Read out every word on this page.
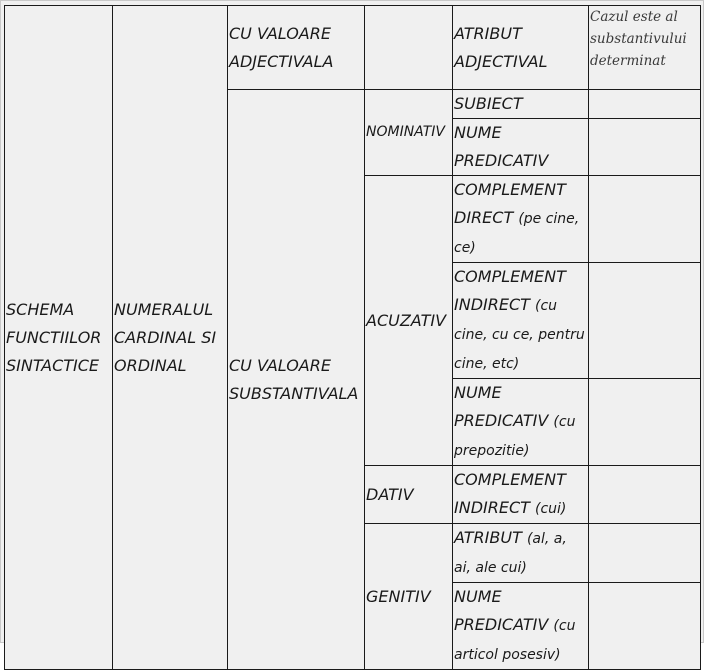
SCHEMA FUNCTIILOR SINTACTICE	NUMERALUL CARDINAL SI ORDINAL	CU VALOARE ADJECTIVALA		ATRIBUT ADJECTIVAL	Cazul este al substantivului determinat
		CU VALOARE SUBSTANTIVALA	NOMINATIV	SUBIECT	
				NUME PREDICATIV	
			ACUZATIV	COMPLEMENT DIRECT (pe cine, ce)	
				COMPLEMENT INDIRECT (cu cine, cu ce, pentru cine, etc)	
				NUME PREDICATIV (cu prepozitie)	
			DATIV	COMPLEMENT INDIRECT (cui)	
			GENITIV	ATRIBUT (al, a, ai, ale cui)	
				NUME PREDICATIV (cu articol posesiv)	
